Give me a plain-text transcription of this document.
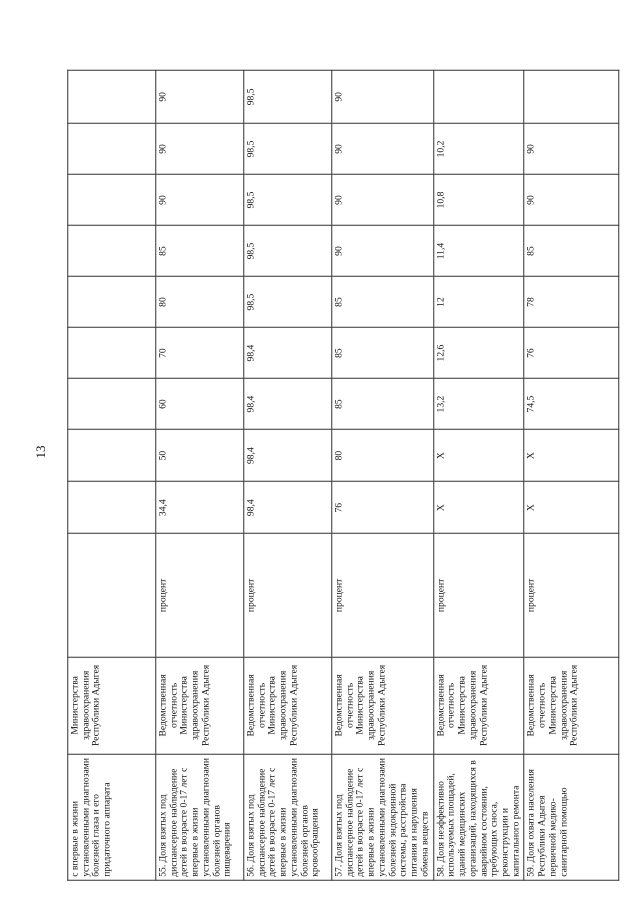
13
с впервые в жизни установленными диагнозами болезней глаза и его придаточного аппарата	Министерства здравоохранения Республики Адыгея										
55. Доля взятых под диспансерное наблюдение детей в возрасте 0-17 лет с впервые в жизни установленными диагнозами болезней органов пищеварения	Ведомственная отчетность Министерства здравоохранения Республики Адыгея	процент	34,4	50	60	70	80	85	90	90	90
56. Доля взятых под диспансерное наблюдение детей в возрасте 0-17 лет с впервые в жизни установленными диагнозами болезней органов кровообращения	Ведомственная отчетность Министерства здравоохранения Республики Адыгея	процент	98,4	98,4	98,4	98,4	98,5	98,5	98,5	98,5	98,5
57. Доля взятых под диспансерное наблюдение детей в возрасте 0-17 лет с впервые в жизни установленными диагнозами болезней эндокринной системы, расстройства питания и нарушения обмена веществ	Ведомственная отчетность Министерства здравоохранения Республики Адыгея	процент	76	80	85	85	85	90	90	90	90
58. Доля неэффективно используемых площадей, зданий медицинских организаций, находящихся в аварийном состоянии, требующих сноса, реконструкции и капитального ремонта	Ведомственная отчетность Министерства здравоохранения Республики Адыгея	процент	Х	Х	13,2	12,6	12	11,4	10,8	10,2	
59. Доля охвата населения Республики Адыгея первичной медико-санитарной помощью	Ведомственная отчетность Министерства здравоохранения Республики Адыгея	процент	Х	Х	74,5	76	78	85	90	90	
